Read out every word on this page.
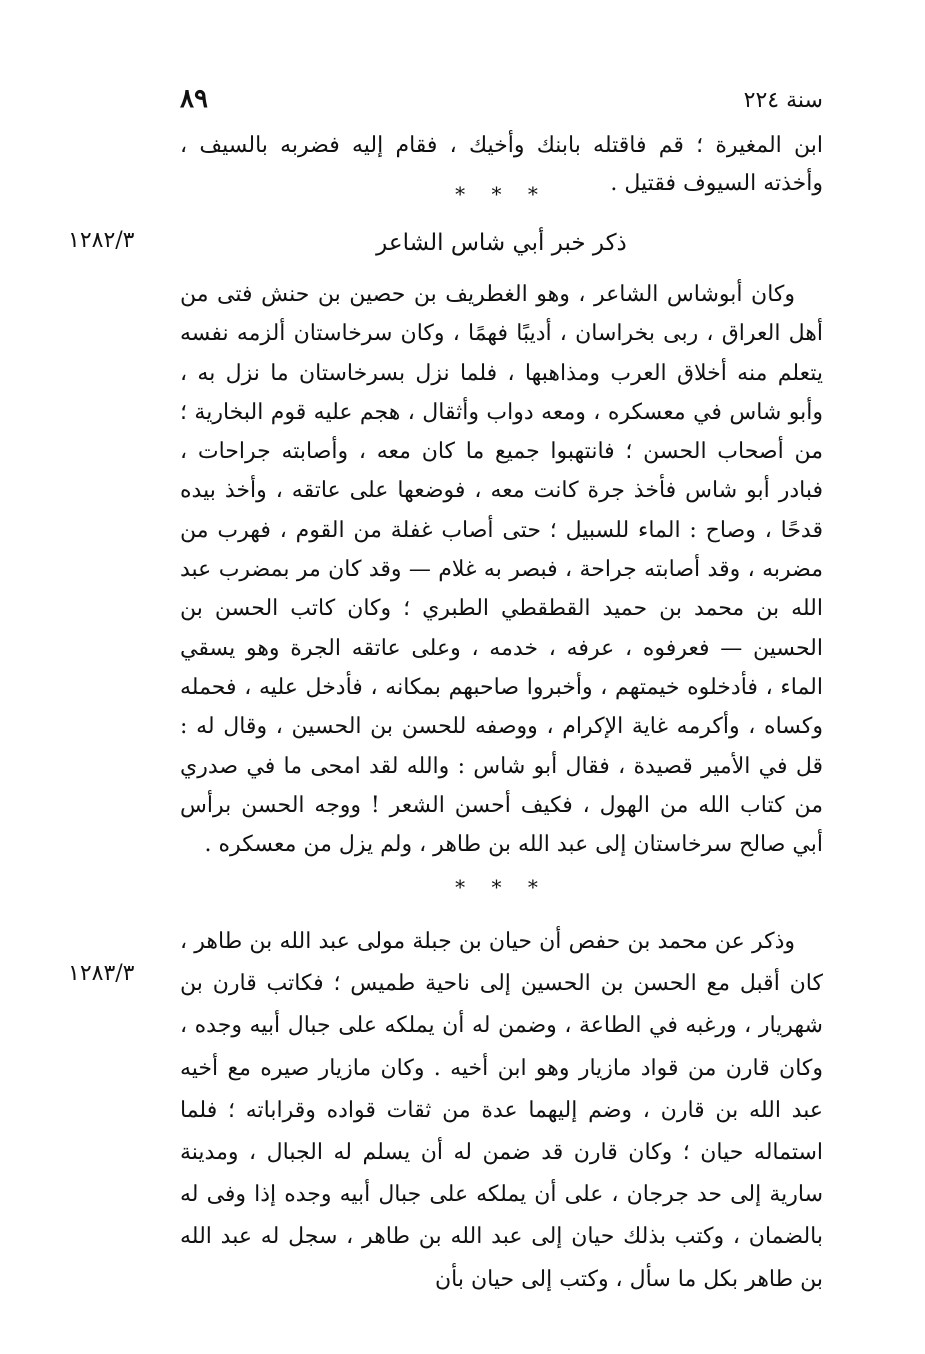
٨٩	سنة ٢٢٤

ابن المغيرة ؛ قم فاقتله بابنك وأخيك ، فقام إليه فضربه بالسيف ، وأخذته السيوف فقتيل .

* * *
١٢٨٢/٣	ذكر خبر أبي شاس الشاعر

وكان أبوشاس الشاعر ، وهو الغطريف بن حصين بن حنش فتى من أهل العراق ، ربى بخراسان ، أديبًا فهمًا ، وكان سرخاستان ألزمه نفسه يتعلم منه أخلاق العرب ومذاهبها ، فلما نزل بسرخاستان ما نزل به ، وأبو شاس في معسكره ، ومعه دواب وأثقال ، هجم عليه قوم البخارية ؛ من أصحاب الحسن ؛ فانتهبوا جميع ما كان معه ، وأصابته جراحات ، فبادر أبو شاس فأخذ جرة كانت معه ، فوضعها على عاتقه ، وأخذ بيده قدحًا ، وصاح : الماء للسبيل ؛ حتى أصاب غفلة من القوم ، فهرب من مضربه ، وقد أصابته جراحة ، فبصر به غلام — وقد كان مر بمضرب عبد الله بن محمد بن حميد القطقطي الطبري ؛ وكان كاتب الحسن بن الحسين — فعرفوه ، عرفه ، خدمه ، وعلى عاتقه الجرة وهو يسقي الماء ، فأدخلوه خيمتهم ، وأخبروا صاحبهم بمكانه ، فأدخل عليه ، فحمله وكساه ، وأكرمه غاية الإكرام ، ووصفه للحسن بن الحسين ، وقال له : قل في الأمير قصيدة ، فقال أبو شاس : والله لقد امحى ما في صدري من كتاب الله من الهول ، فكيف أحسن الشعر ! ووجه الحسن برأس أبي صالح سرخاستان إلى عبد الله بن طاهر ، ولم يزل من معسكره .

* * *
١٢٨٣/٣

وذكر عن محمد بن حفص أن حيان بن جبلة مولى عبد الله بن طاهر ، كان أقبل مع الحسن بن الحسين إلى ناحية طميس ؛ فكاتب قارن بن شهريار ، ورغبه في الطاعة ، وضمن له أن يملكه على جبال أبيه وجده ، وكان قارن من قواد مازيار وهو ابن أخيه . وكان مازيار صيره مع أخيه عبد الله بن قارن ، وضم إليهما عدة من ثقات قواده وقراباته ؛ فلما استماله حيان ؛ وكان قارن قد ضمن له أن يسلم له الجبال ، ومدينة سارية إلى حد جرجان ، على أن يملكه على جبال أبيه وجده إذا وفى له بالضمان ، وكتب بذلك حيان إلى عبد الله بن طاهر ، سجل له عبد الله بن طاهر بكل ما سأل ، وكتب إلى حيان بأن
